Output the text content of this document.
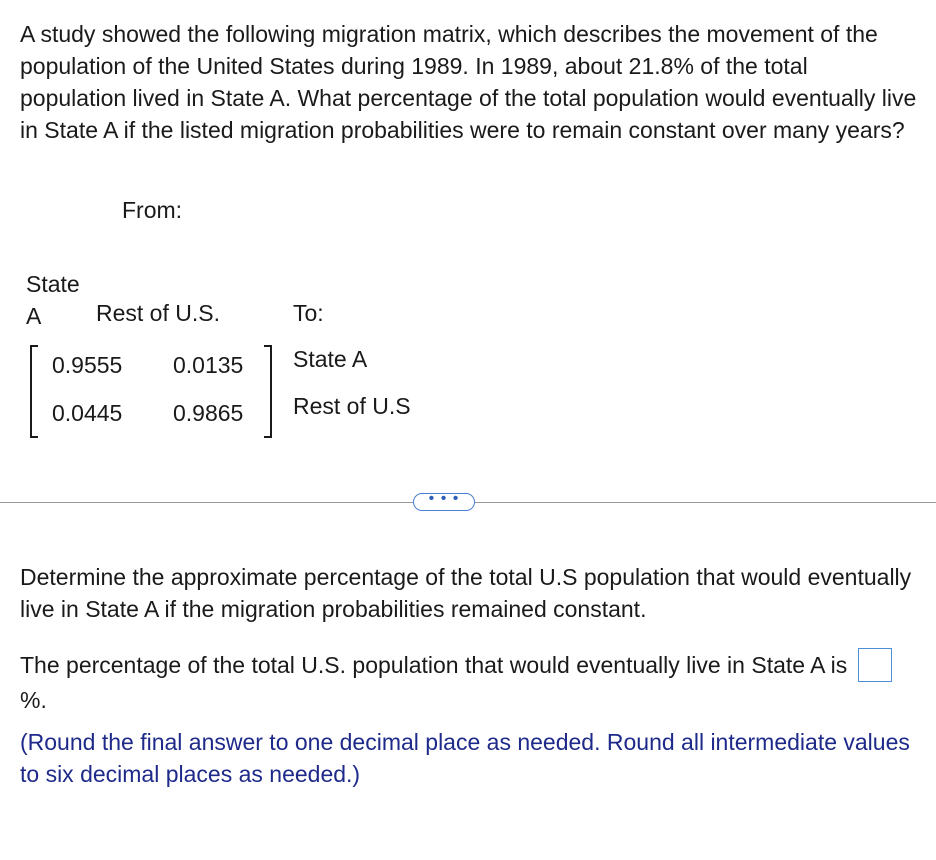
A study showed the following migration matrix, which describes the movement of the population of the United States during 1989. In 1989, about 21.8% of the total population lived in State A. What percentage of the total population would eventually live in State A if the listed migration probabilities were to remain constant over many years?

From:
State
A	Rest of U.S.	To:
0.9555 0.0135
0.0445 0.9865
State A
Rest of U.S
• • •

Determine the approximate percentage of the total U.S population that would eventually live in State A if the migration probabilities remained constant.

The percentage of the total U.S. population that would eventually live in State A is %.

(Round the final answer to one decimal place as needed. Round all intermediate values to six decimal places as needed.)
